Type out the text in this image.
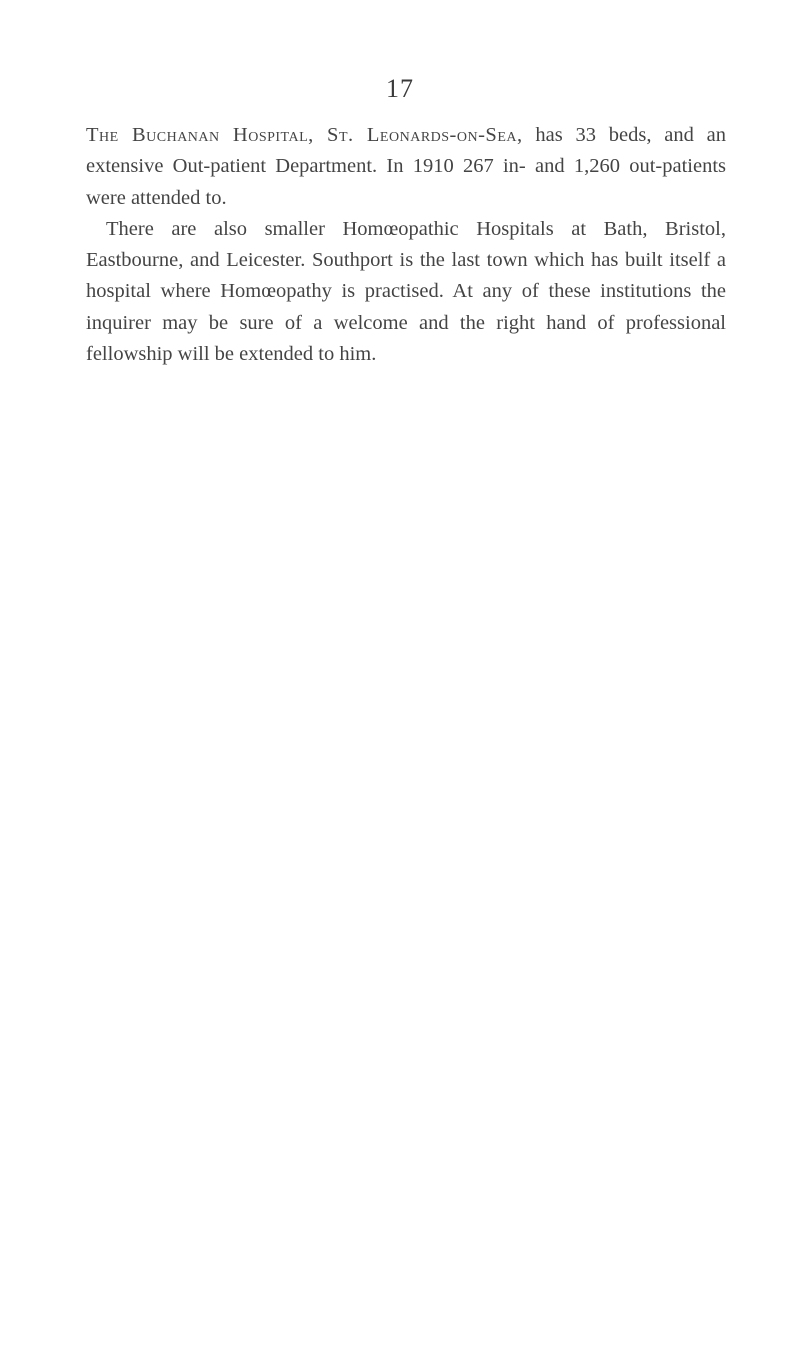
17

The Buchanan Hospital, St. Leonards-on-Sea, has 33 beds, and an extensive Out-patient Department. In 1910 267 in- and 1,260 out-patients were attended to.

There are also smaller Homœopathic Hospitals at Bath, Bristol, Eastbourne, and Leicester. Southport is the last town which has built itself a hospital where Homœopathy is practised. At any of these institutions the inquirer may be sure of a welcome and the right hand of professional fellowship will be extended to him.
